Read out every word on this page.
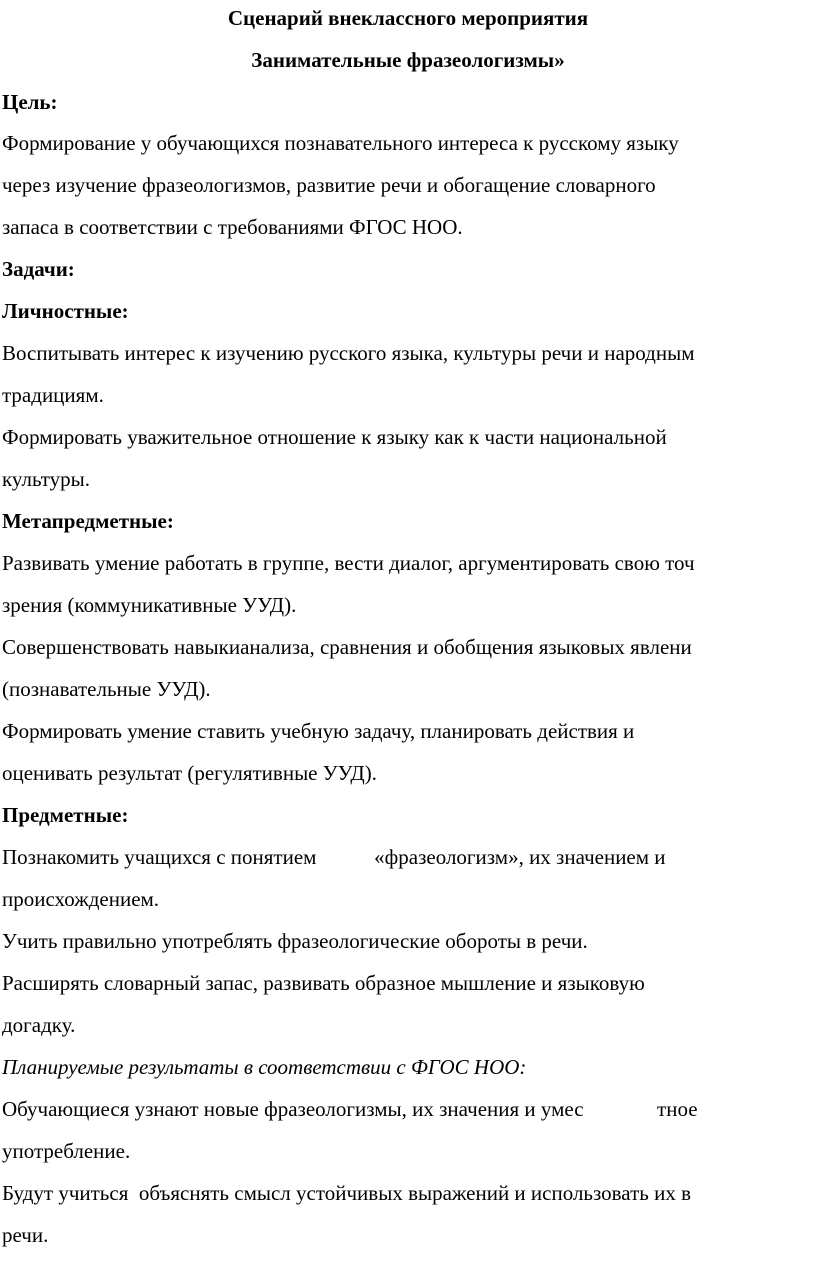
Сценарий внеклассного мероприятия
Занимательные фразеологизмы»
Цель:
Формирование у обучающихся познавательного интереса к русскому языку
через изучение фразеологизмов, развитие речи и обогащение словарного
запаса в соответствии с требованиями ФГОС НОО.
Задачи:
Личностные:
Воспитывать интерес к изучению русского языка, культуры речи и народным
традициям.
Формировать уважительное отношение к языку как к части национальной
культуры.
Метапредметные:
Развивать умение работать в группе, вести диалог, аргументировать свою точ
зрения (коммуникативные УУД).
Совершенствовать навыкианализа, сравнения и обобщения языковых явлени
(познавательные УУД).
Формировать умение ставить учебную задачу, планировать действия и
оценивать результат (регулятивные УУД).
Предметные:
Познакомить учащихся с понятием           «фразеологизм», их значением и
происхождением.
Учить правильно употреблять фразеологические обороты в речи.
Расширять словарный запас, развивать образное мышление и языковую
догадку.
Планируемые результаты в соответствии с ФГОС НОО:
Обучающиеся узнают новые фразеологизмы, их значения и умес              тное
употребление.
Будут учиться  объяснять смысл устойчивых выражений и использовать их в
речи.
